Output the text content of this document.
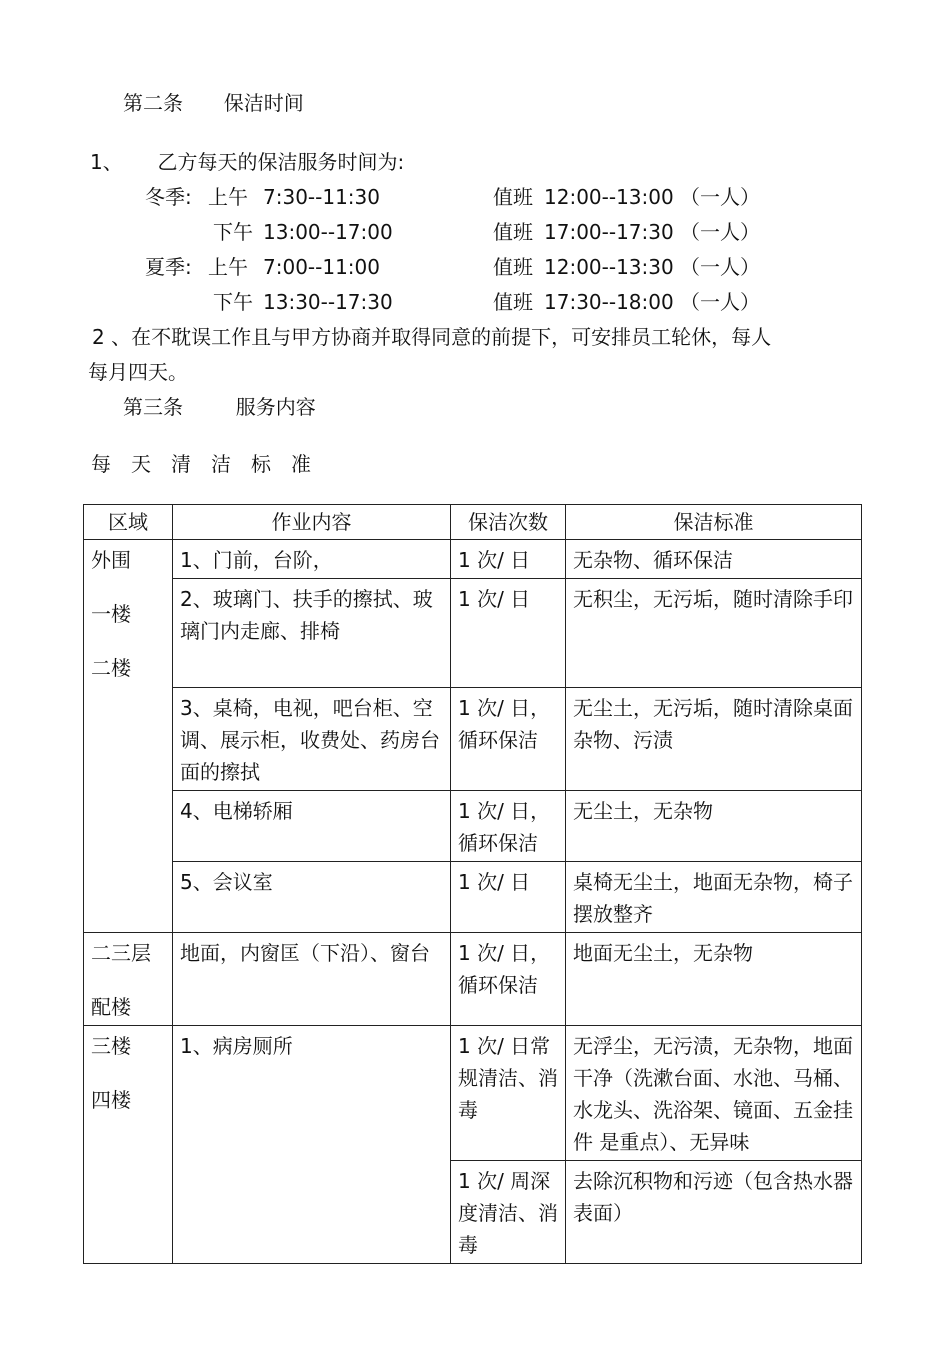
第二条 保洁时间
1、 乙方每天的保洁服务时间为:
冬季: 上午 7:30--11:30	值班 12:00--13:00 （一人）
下午 13:00--17:00	值班 17:00--17:30 （一人）
夏季: 上午 7:00--11:00	值班 12:00--13:30 （一人）
下午 13:30--17:30	值班 17:30--18:00 （一人）
2 、在不耽误工作且与甲方协商并取得同意的前提下，可安排员工轮休，每人
每月四天。
第三条	服务内容
每　天　清　洁　标　准
区域	作业内容	保洁次数	保洁标准
外围
一楼
二楼	1、门前，台阶，	1 次/ 日	无杂物、循环保洁
	2、玻璃门、扶手的擦拭、玻璃门内走廊、排椅	1 次/ 日	无积尘，无污垢，随时清除手印
	3、桌椅，电视，吧台柜、空调、展示柜，收费处、药房台面的擦拭	1 次/ 日，循环保洁	无尘土，无污垢，随时清除桌面杂物、污渍
	4、电梯轿厢	1 次/ 日，循环保洁	无尘土，无杂物
	5、会议室	1 次/ 日	桌椅无尘土，地面无杂物，椅子摆放整齐
二三层
配楼	地面，内窗匡（下沿）、窗台	1 次/ 日，循环保洁	地面无尘土，无杂物
三楼
四楼	1、病房厕所	1 次/ 日常规清洁、消毒	无浮尘，无污渍，无杂物，地面干净（洗漱台面、水池、马桶、水龙头、洗浴架、镜面、五金挂件 是重点）、无异味
		1 次/ 周深度清洁、消毒	去除沉积物和污迹（包含热水器表面）
